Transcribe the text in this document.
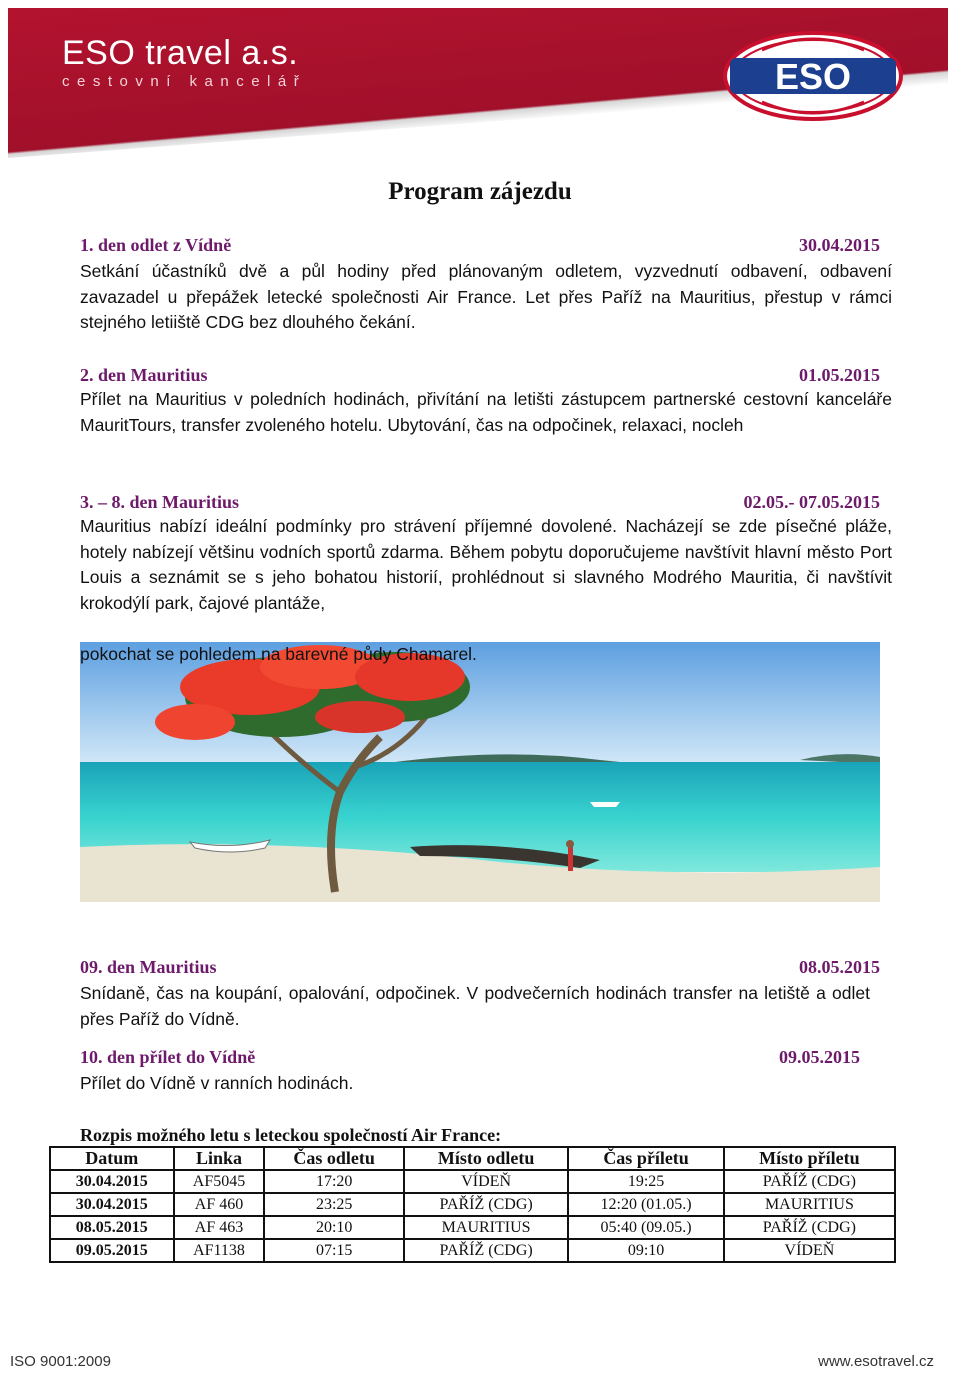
ESO travel a.s.
cestovní kancelář	ESO
Program zájezdu
1. den odlet z Vídně	30.04.2015
Setkání účastníků dvě a půl hodiny před plánovaným odletem, vyzvednutí odbavení, odbavení zavazadel u přepážek letecké společnosti Air France. Let přes Paříž na Mauritius, přestup v rámci stejného letiiště CDG bez dlouhého čekání.
2. den Mauritius	01.05.2015
Přílet na Mauritius v poledních hodinách, přivítání na letišti zástupcem partnerské cestovní kanceláře MauritTours, transfer zvoleného hotelu. Ubytování, čas na odpočinek, relaxaci, nocleh
3. – 8. den Mauritius	02.05.- 07.05.2015
Mauritius nabízí ideální podmínky pro strávení příjemné dovolené. Nacházejí se zde písečné pláže, hotely nabízejí většinu vodních sportů zdarma. Během pobytu doporučujeme navštívit hlavní město Port Louis a seznámit se s jeho bohatou historií, prohlédnout si slavného Modrého Mauritia, či navštívit krokodýlí park, čajové plantáže,
pokochat se pohledem na barevné půdy Chamarel.
09. den Mauritius	08.05.2015
Snídaně, čas na koupání, opalování, odpočinek. V podvečerních hodinách transfer na letiště a odlet přes Paříž do Vídně.
10. den přílet do Vídně	09.05.2015
Přílet do Vídně v ranních hodinách.
Rozpis možného letu s leteckou společností Air France:
Datum	Linka	Čas odletu	Místo odletu	Čas příletu	Místo příletu
30.04.2015	AF5045	17:20	VÍDEŇ	19:25	PAŘÍŽ (CDG)
30.04.2015	AF 460	23:25	PAŘÍŽ (CDG)	12:20 (01.05.)	MAURITIUS
08.05.2015	AF 463	20:10	MAURITIUS	05:40 (09.05.)	PAŘÍŽ (CDG)
09.05.2015	AF1138	07:15	PAŘÍŽ (CDG)	09:10	VÍDEŇ
ISO 9001:2009	www.esotravel.cz
